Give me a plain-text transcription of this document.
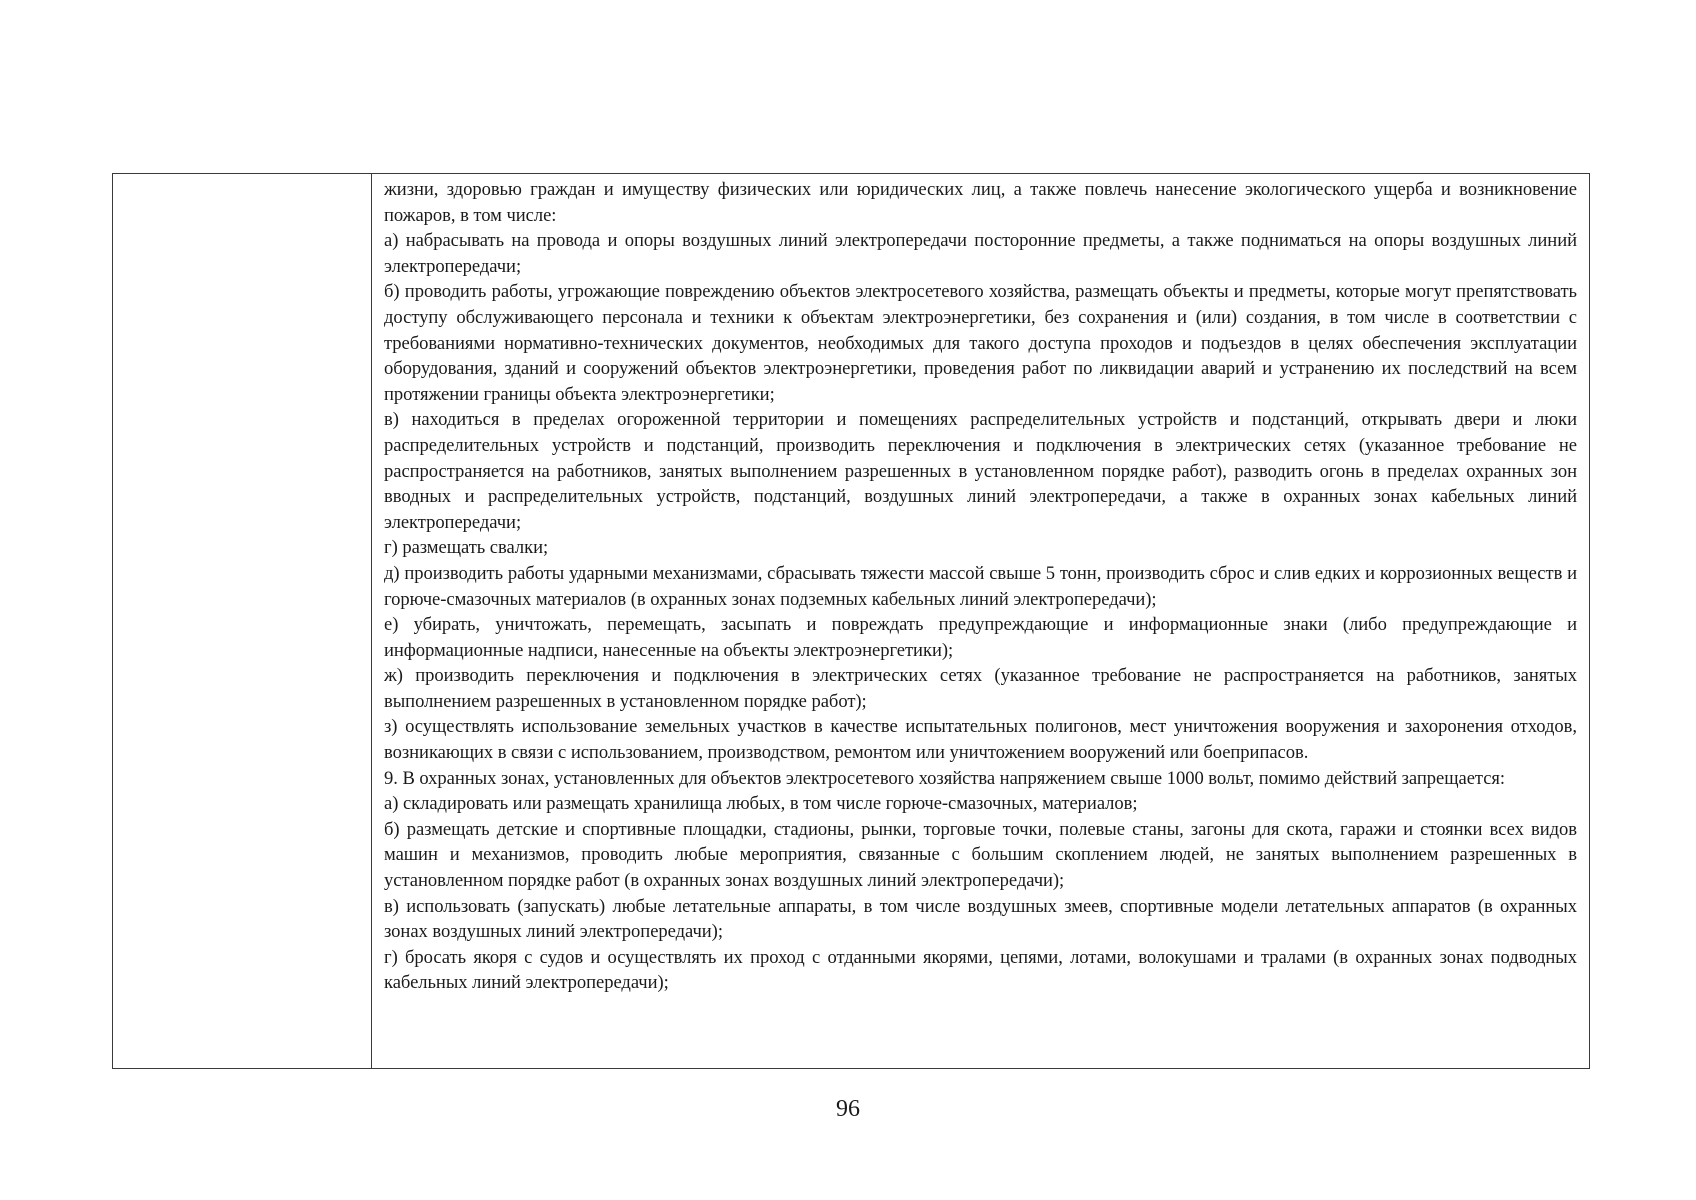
жизни, здоровью граждан и имуществу физических или юридических лиц, а также повлечь нанесение экологического ущерба и возникновение пожаров, в том числе:

а) набрасывать на провода и опоры воздушных линий электропередачи посторонние предметы, а также подниматься на опоры воздушных линий электропередачи;

б) проводить работы, угрожающие повреждению объектов электросетевого хозяйства, размещать объекты и предметы, которые могут препятствовать доступу обслуживающего персонала и техники к объектам электроэнергетики, без сохранения и (или) создания, в том числе в соответствии с требованиями нормативно-технических документов, необходимых для такого доступа проходов и подъездов в целях обеспечения эксплуатации оборудования, зданий и сооружений объектов электроэнергетики, проведения работ по ликвидации аварий и устранению их последствий на всем протяжении границы объекта электроэнергетики;

в) находиться в пределах огороженной территории и помещениях распределительных устройств и подстанций, открывать двери и люки распределительных устройств и подстанций, производить переключения и подключения в электрических сетях (указанное требование не распространяется на работников, занятых выполнением разрешенных в установленном порядке работ), разводить огонь в пределах охранных зон вводных и распределительных устройств, подстанций, воздушных линий электропередачи, а также в охранных зонах кабельных линий электропередачи;

г) размещать свалки;

д) производить работы ударными механизмами, сбрасывать тяжести массой свыше 5 тонн, производить сброс и слив едких и коррозионных веществ и горюче-смазочных материалов (в охранных зонах подземных кабельных линий электропередачи);

е) убирать, уничтожать, перемещать, засыпать и повреждать предупреждающие и информационные знаки (либо предупреждающие и информационные надписи, нанесенные на объекты электроэнергетики);

ж) производить переключения и подключения в электрических сетях (указанное требование не распространяется на работников, занятых выполнением разрешенных в установленном порядке работ);

з) осуществлять использование земельных участков в качестве испытательных полигонов, мест уничтожения вооружения и захоронения отходов, возникающих в связи с использованием, производством, ремонтом или уничтожением вооружений или боеприпасов.

9. В охранных зонах, установленных для объектов электросетевого хозяйства напряжением свыше 1000 вольт, помимо действий запрещается:

а) складировать или размещать хранилища любых, в том числе горюче-смазочных, материалов;

б) размещать детские и спортивные площадки, стадионы, рынки, торговые точки, полевые станы, загоны для скота, гаражи и стоянки всех видов машин и механизмов, проводить любые мероприятия, связанные с большим скоплением людей, не занятых выполнением разрешенных в установленном порядке работ (в охранных зонах воздушных линий электропередачи);

в) использовать (запускать) любые летательные аппараты, в том числе воздушных змеев, спортивные модели летательных аппаратов (в охранных зонах воздушных линий электропередачи);

г) бросать якоря с судов и осуществлять их проход с отданными якорями, цепями, лотами, волокушами и тралами (в охранных зонах подводных кабельных линий электропередачи);

96
